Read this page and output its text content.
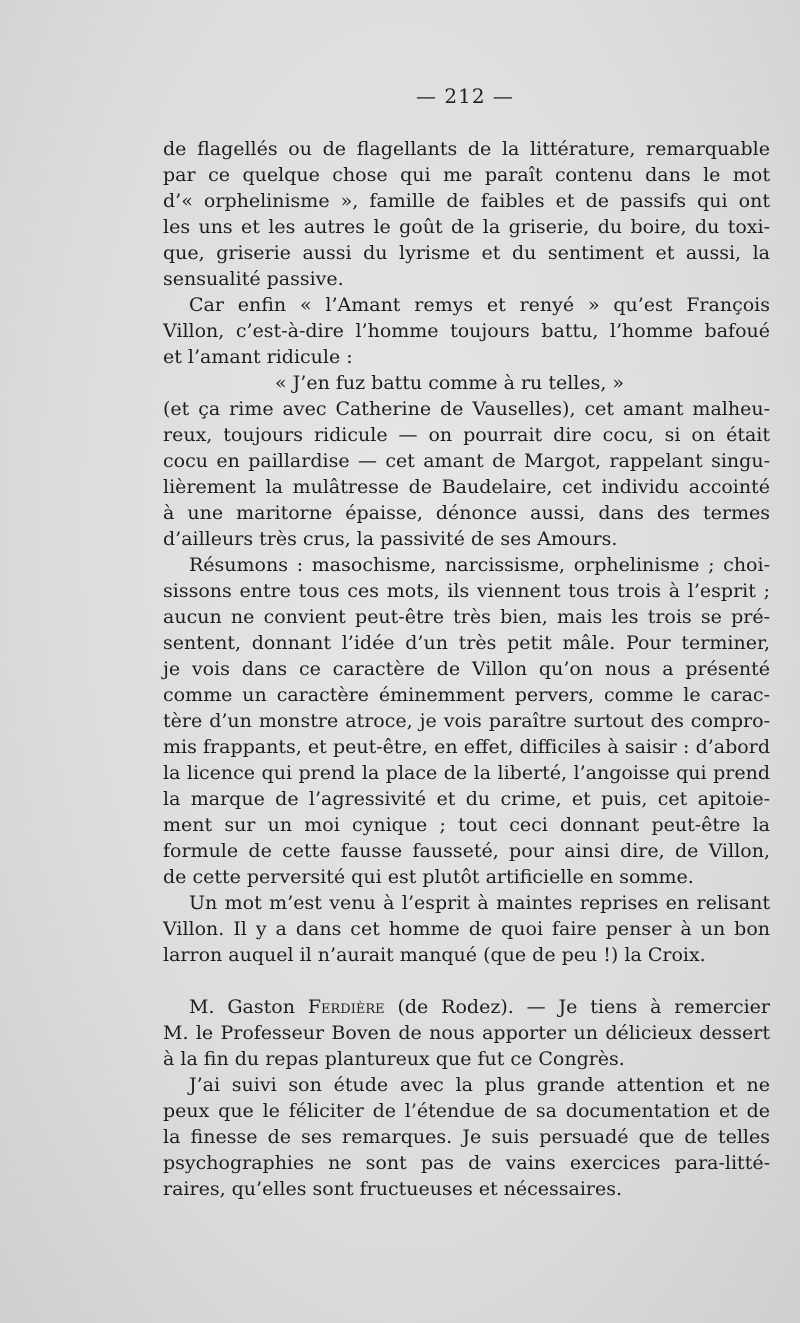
— 212 —
de flagellés ou de flagellants de la littérature, remarquable
par ce quelque chose qui me paraît contenu dans le mot
d’« orphelinisme », famille de faibles et de passifs qui ont
les uns et les autres le goût de la griserie, du boire, du toxi-
que, griserie aussi du lyrisme et du sentiment et aussi, la
sensualité passive.
Car enfin « l’Amant remys et renyé » qu’est François
Villon, c’est-à-dire l’homme toujours battu, l’homme bafoué
et l’amant ridicule :
« J’en fuz battu comme à ru telles, »
(et ça rime avec Catherine de Vauselles), cet amant malheu-
reux, toujours ridicule — on pourrait dire cocu, si on était
cocu en paillardise — cet amant de Margot, rappelant singu-
lièrement la mulâtresse de Baudelaire, cet individu accointé
à une maritorne épaisse, dénonce aussi, dans des termes
d’ailleurs très crus, la passivité de ses Amours.
Résumons : masochisme, narcissisme, orphelinisme ; choi-
sissons entre tous ces mots, ils viennent tous trois à l’esprit ;
aucun ne convient peut-être très bien, mais les trois se pré-
sentent, donnant l’idée d’un très petit mâle. Pour terminer,
je vois dans ce caractère de Villon qu’on nous a présenté
comme un caractère éminemment pervers, comme le carac-
tère d’un monstre atroce, je vois paraître surtout des compro-
mis frappants, et peut-être, en effet, difficiles à saisir : d’abord
la licence qui prend la place de la liberté, l’angoisse qui prend
la marque de l’agressivité et du crime, et puis, cet apitoie-
ment sur un moi cynique ; tout ceci donnant peut-être la
formule de cette fausse fausseté, pour ainsi dire, de Villon,
de cette perversité qui est plutôt artificielle en somme.
Un mot m’est venu à l’esprit à maintes reprises en relisant
Villon. Il y a dans cet homme de quoi faire penser à un bon
larron auquel il n’aurait manqué (que de peu !) la Croix.
M. Gaston Ferdière (de Rodez). — Je tiens à remercier
M. le Professeur Boven de nous apporter un délicieux dessert
à la fin du repas plantureux que fut ce Congrès.
J’ai suivi son étude avec la plus grande attention et ne
peux que le féliciter de l’étendue de sa documentation et de
la finesse de ses remarques. Je suis persuadé que de telles
psychographies ne sont pas de vains exercices para-litté-
raires, qu’elles sont fructueuses et nécessaires.
